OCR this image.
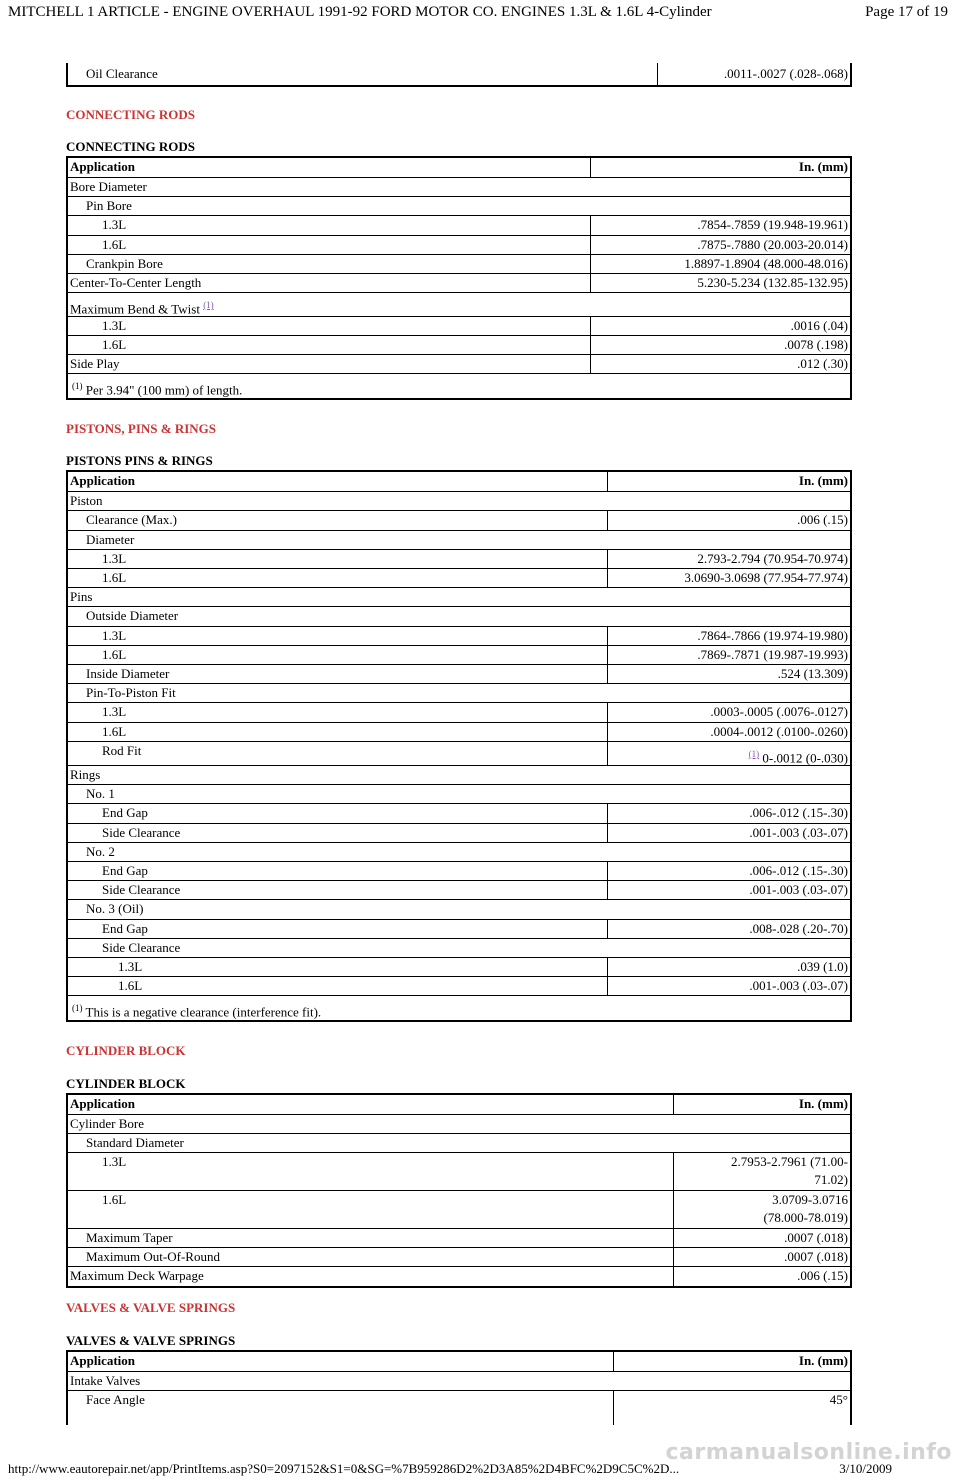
MITCHELL 1 ARTICLE - ENGINE OVERHAUL 1991-92 FORD MOTOR CO. ENGINES 1.3L & 1.6L 4-Cylinder	Page 17 of 19
Oil Clearance	.0011-.0027 (.028-.068)
CONNECTING RODS
CONNECTING RODS
Application	In. (mm)
Bore Diameter
Pin Bore
1.3L	.7854-.7859 (19.948-19.961)
1.6L	.7875-.7880 (20.003-20.014)
Crankpin Bore	1.8897-1.8904 (48.000-48.016)
Center-To-Center Length	5.230-5.234 (132.85-132.95)
Maximum Bend & Twist $^{(1)}$
1.3L	.0016 (.04)
1.6L	.0078 (.198)
Side Play	.012 (.30)
$^{(1)}$ Per 3.94" (100 mm) of length.
PISTONS, PINS & RINGS
PISTONS PINS & RINGS
Application	In. (mm)
Piston
Clearance (Max.)	.006 (.15)
Diameter
1.3L	2.793-2.794 (70.954-70.974)
1.6L	3.0690-3.0698 (77.954-77.974)
Pins
Outside Diameter
1.3L	.7864-.7866 (19.974-19.980)
1.6L	.7869-.7871 (19.987-19.993)
Inside Diameter	.524 (13.309)
Pin-To-Piston Fit
1.3L	.0003-.0005 (.0076-.0127)
1.6L	.0004-.0012 (.0100-.0260)
Rod Fit	$^{(1)}$ 0-.0012 (0-.030)
Rings
No. 1
End Gap	.006-.012 (.15-.30)
Side Clearance	.001-.003 (.03-.07)
No. 2
End Gap	.006-.012 (.15-.30)
Side Clearance	.001-.003 (.03-.07)
No. 3 (Oil)
End Gap	.008-.028 (.20-.70)
Side Clearance
1.3L	.039 (1.0)
1.6L	.001-.003 (.03-.07)
$^{(1)}$ This is a negative clearance (interference fit).
CYLINDER BLOCK
CYLINDER BLOCK
Application	In. (mm)
Cylinder Bore
Standard Diameter
1.3L	2.7953-2.7961 (71.00-
71.02)
1.6L	3.0709-3.0716
(78.000-78.019)
Maximum Taper	.0007 (.018)
Maximum Out-Of-Round	.0007 (.018)
Maximum Deck Warpage	.006 (.15)
VALVES & VALVE SPRINGS
VALVES & VALVE SPRINGS
Application	In. (mm)
Intake Valves
Face Angle	45°
carmanualsonline.info
http://www.eautorepair.net/app/PrintItems.asp?S0=2097152&S1=0&SG=%7B959286D2%2D3A85%2D4BFC%2D9C5C%2D...	3/10/2009
